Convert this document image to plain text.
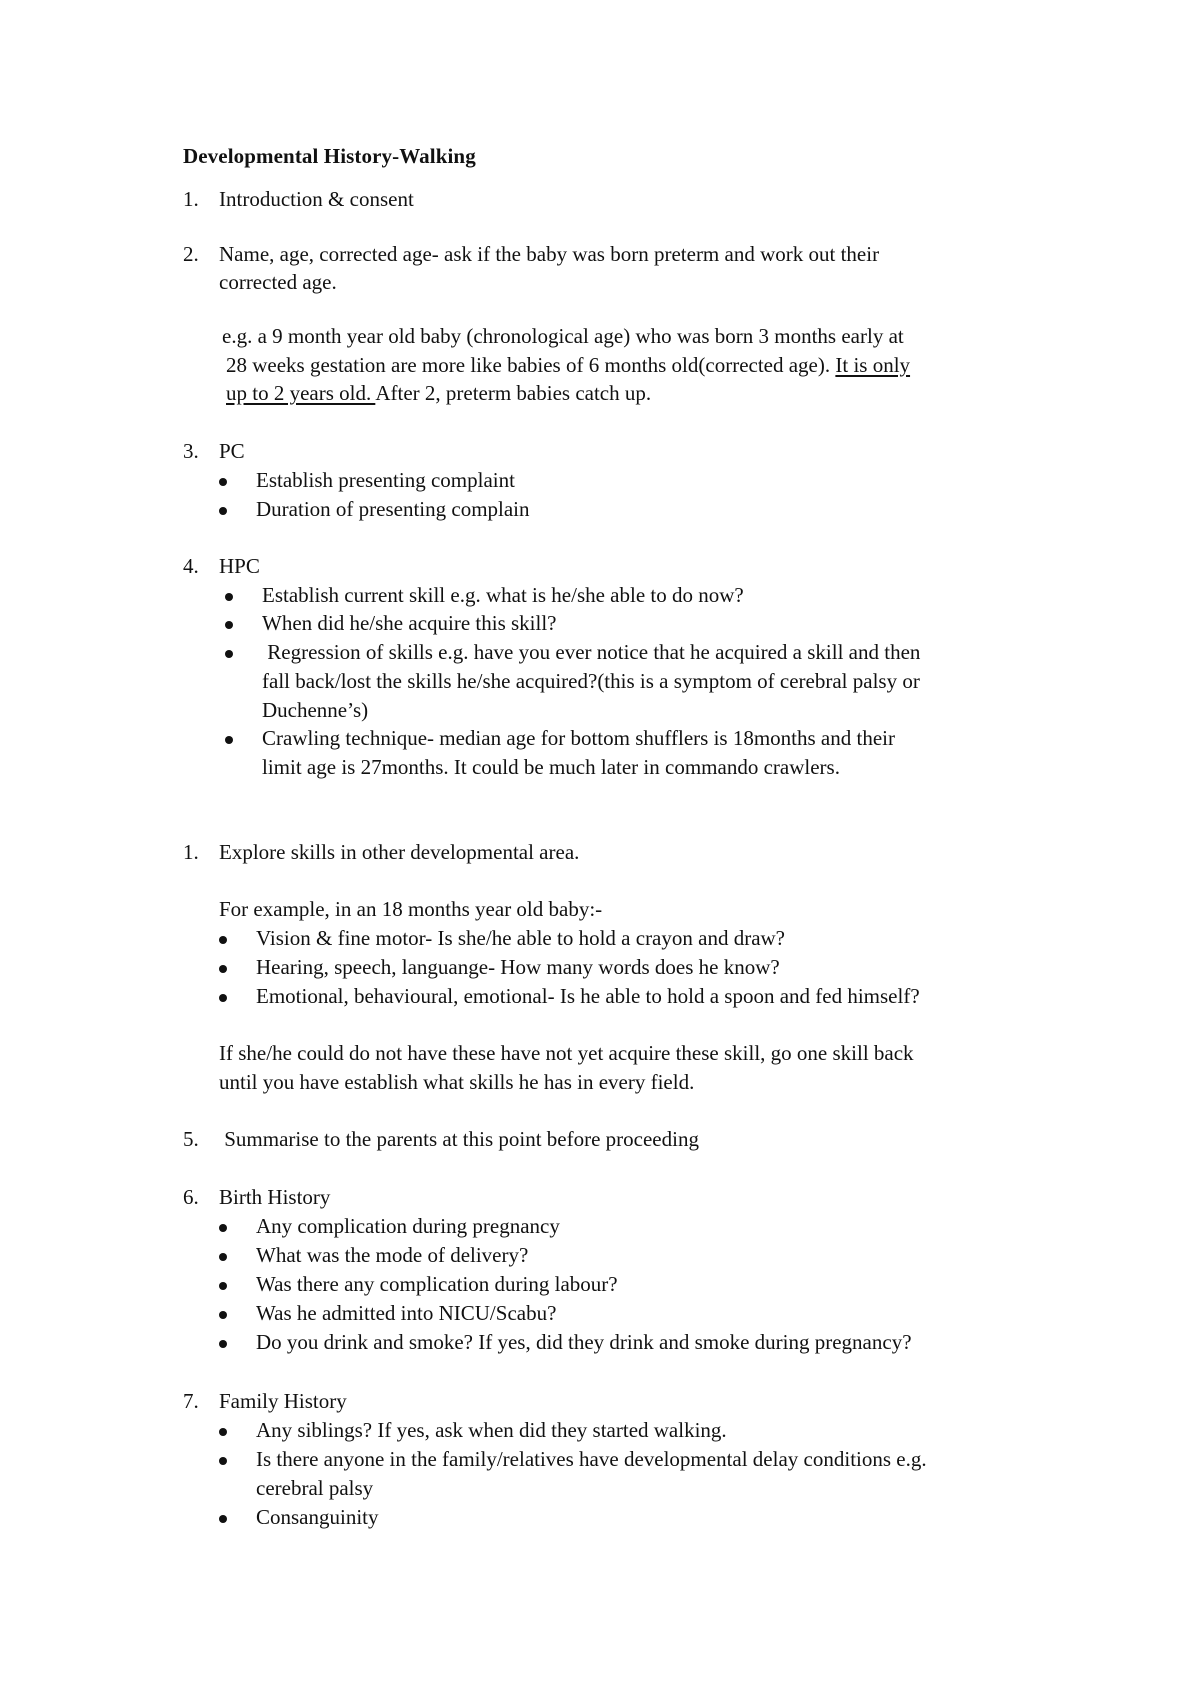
Developmental History-Walking
1. Introduction & consent
2. Name, age, corrected age- ask if the baby was born preterm and work out their
corrected age.
e.g. a 9 month year old baby (chronological age) who was born 3 months early at
28 weeks gestation are more like babies of 6 months old(corrected age). It is only
up to 2 years old. After 2, preterm babies catch up.
3. PC
Establish presenting complaint
Duration of presenting complain
4. HPC
Establish current skill e.g. what is he/she able to do now?
When did he/she acquire this skill?
Regression of skills e.g. have you ever notice that he acquired a skill and then
fall back/lost the skills he/she acquired?(this is a symptom of cerebral palsy or
Duchenne’s)
Crawling technique- median age for bottom shufflers is 18months and their
limit age is 27months. It could be much later in commando crawlers.
1. Explore skills in other developmental area.
For example, in an 18 months year old baby:-
Vision & fine motor- Is she/he able to hold a crayon and draw?
Hearing, speech, languange- How many words does he know?
Emotional, behavioural, emotional- Is he able to hold a spoon and fed himself?
If she/he could do not have these have not yet acquire these skill, go one skill back
until you have establish what skills he has in every field.
5. Summarise to the parents at this point before proceeding
6. Birth History
Any complication during pregnancy
What was the mode of delivery?
Was there any complication during labour?
Was he admitted into NICU/Scabu?
Do you drink and smoke? If yes, did they drink and smoke during pregnancy?
7. Family History
Any siblings? If yes, ask when did they started walking.
Is there anyone in the family/relatives have developmental delay conditions e.g.
cerebral palsy
Consanguinity
